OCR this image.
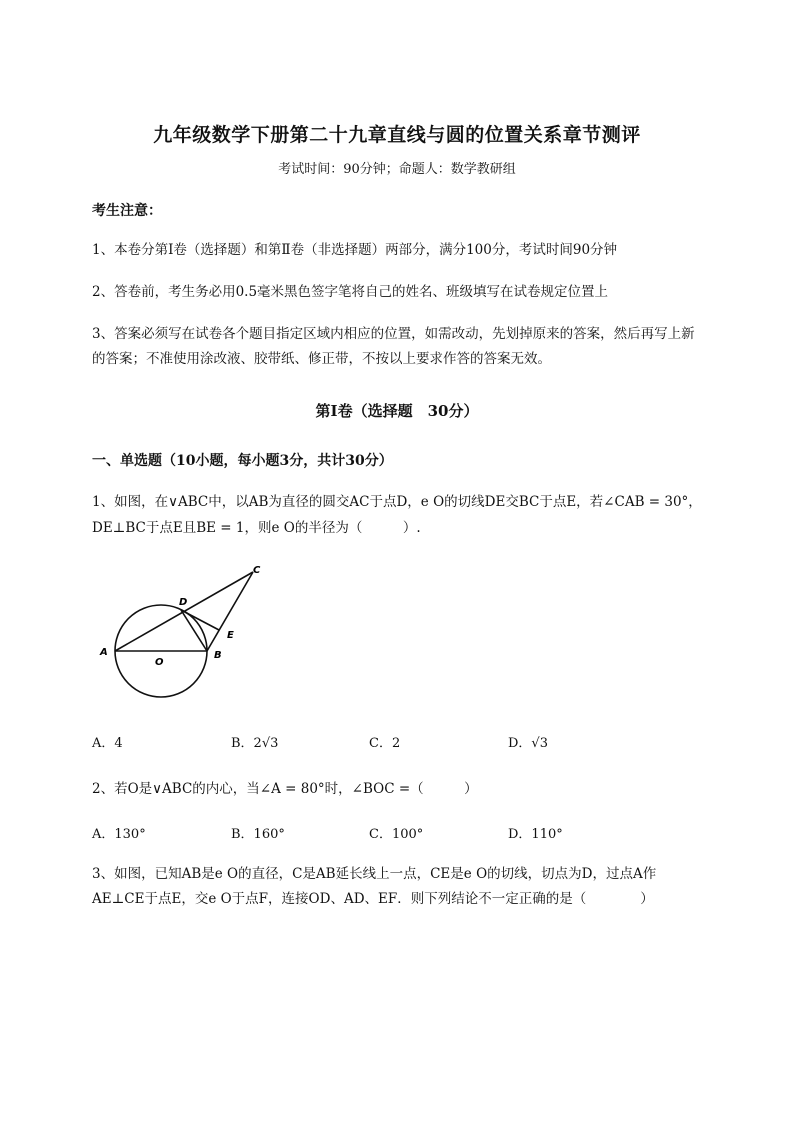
九年级数学下册第二十九章直线与圆的位置关系章节测评
考试时间：90分钟；命题人：数学教研组
考生注意：
1、本卷分第I卷（选择题）和第Ⅱ卷（非选择题）两部分，满分100分，考试时间90分钟
2、答卷前，考生务必用0.5毫米黑色签字笔将自己的姓名、班级填写在试卷规定位置上
3、答案必须写在试卷各个题目指定区域内相应的位置，如需改动，先划掉原来的答案，然后再写上新
的答案；不准使用涂改液、胶带纸、修正带，不按以上要求作答的答案无效。
第I卷（选择题　30分）
一、单选题（10小题，每小题3分，共计30分）
1、如图，在∨ABC中，以AB为直径的圆交AC于点D，e O的切线DE交BC于点E，若∠CAB = 30°，
DE⊥BC于点E且BE = 1，则e O的半径为（　　　）.
A	B
C
D
E
O
A．4	B．2√3	C．2	D．√3
2、若O是∨ABC的内心，当∠A = 80°时，∠BOC =（　　　）
A．130°	B．160°	C．100°	D．110°
3、如图，已知AB是e O的直径，C是AB延长线上一点，CE是e O的切线，切点为D，过点A作
AE⊥CE于点E，交e O于点F，连接OD、AD、EF．则下列结论不一定正确的是（　　　　）
